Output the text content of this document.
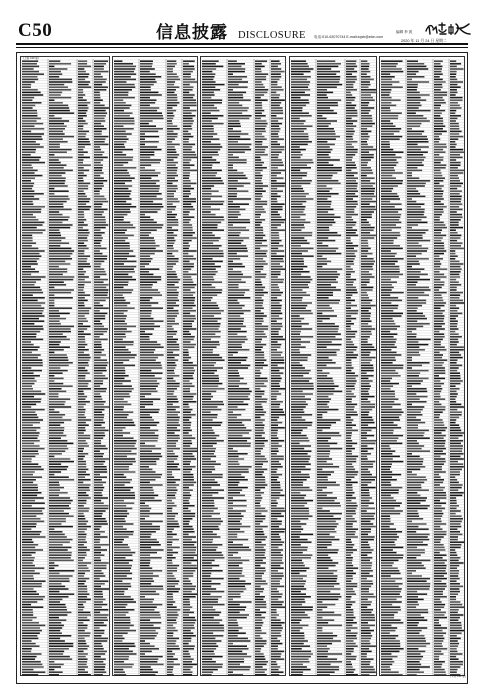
C50	信息披露 DISCLOSURE 电话:010-63070744 E-mail:zqsb@stcn.com
编辑 李 波
2020 年 11 月 24 日 星期二
(上接 C49 版)
(下转 C51 版)
